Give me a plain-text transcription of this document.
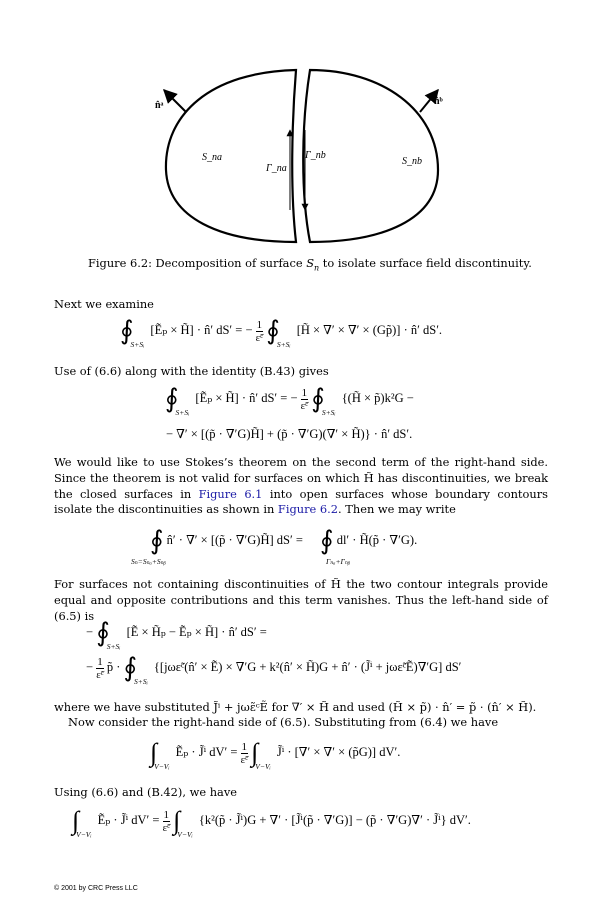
n̂ᵃ	n̂ᵇ
S_na	S_nb
Γ_na
Γ_nb
Figure 6.2: Decomposition of surface $S_n$ to isolate surface field discontinuity.
Next we examine
$∮_{S+Sᵢ}$ [Ẽₚ × H̃] · n̂′ dS′ = − $\frac{1}{\text{ε̃ᶜ}}$ $∮_{S+Sᵢ}$ [H̃ × ∇′ × ∇′ × (Gp̃)] · n̂′ dS′.
Use of (6.6) along with the identity (B.43) gives
$∮_{S+Sᵢ}$ [Ẽₚ × H̃] · n̂′ dS′ = − $\frac{1}{\text{ε̃ᶜ}}$ $∮_{S+Sᵢ}$ {(H̃ × p̃)k²G −
− ∇′ × [(p̃ · ∇′G)H̃] + (p̃ · ∇′G)(∇′ × H̃)} · n̂′ dS′.
We would like to use Stokes’s theorem on the second term of the right-hand side. Since the theorem is not valid for surfaces on which H̃ has discontinuities, we break the closed surfaces in Figure 6.1 into open surfaces whose boundary contours isolate the discontinuities as shown in Figure 6.2. Then we may write
∮ n̂′ · ∇′ × [(p̃ · ∇′G)H̃] dS′ = ∮ dl′ · H̃(p̃ · ∇′G).
Sₙ=Sₙₐ+Sₙᵦ	Γₙₐ+Γₙᵦ
For surfaces not containing discontinuities of H̃ the two contour integrals provide equal and opposite contributions and this term vanishes. Thus the left-hand side of (6.5) is
− $∮_{S+Sᵢ}$ [Ẽ × H̃ₚ − Ẽₚ × H̃] · n̂′ dS′ =
− $\frac{1}{\text{ε̃ᶜ}}$ p̃ · $∮_{S+Sᵢ}$ {[jωε̃ᶜ(n̂′ × Ẽ) × ∇′G + k²(n̂′ × H̃)G + n̂′ · (J̃ⁱ + jωε̃ᶜẼ)∇′G] dS′
where we have substituted J̃ⁱ + jωε̃ᶜẼ for ∇′ × H̃ and used (H̃ × p̃) · n̂′ = p̃ · (n̂′ × H̃).
Now consider the right-hand side of (6.5). Substituting from (6.4) we have
$\int_{V-Vᵢ}$ Ẽₚ · J̃ⁱ $dV' = \frac{1}{\text{ε̃ᶜ}} \int_{V-Vᵢ}$ J̃ⁱ · [∇′ × ∇′ × (p̃G)] dV′.
Using (6.6) and (B.42), we have
$\int_{V-Vᵢ}$ Ẽₚ · J̃ⁱ $dV' = \frac{1}{\text{ε̃ᶜ}} \int_{V-Vᵢ}$ {k²(p̃ · J̃ⁱ)G + ∇′ · [J̃ⁱ(p̃ · ∇′G)] − (p̃ · ∇′G)∇′ · J̃ⁱ} dV′.
© 2001 by CRC Press LLC
